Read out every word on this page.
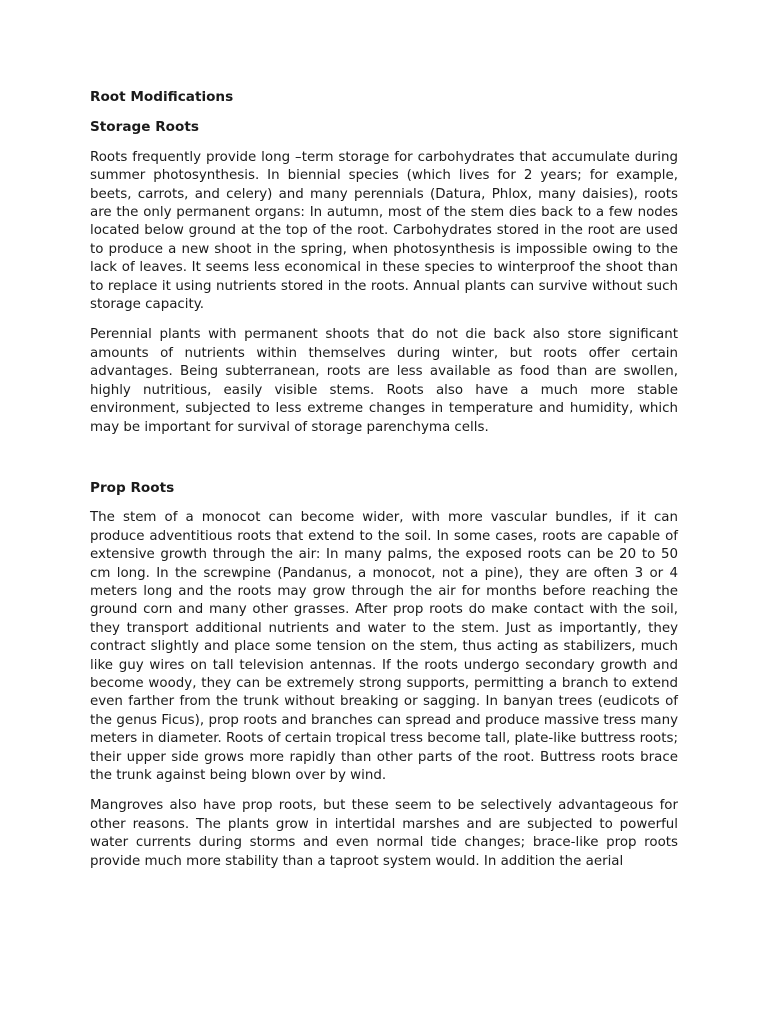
Root Modifications

Storage Roots

Roots frequently provide long –term storage for carbohydrates that accumulate during summer photosynthesis. In biennial species (which lives for 2 years; for example, beets, carrots, and celery) and many perennials (Datura, Phlox, many daisies), roots are the only permanent organs: In autumn, most of the stem dies back to a few nodes located below ground at the top of the root. Carbohydrates stored in the root are used to produce a new shoot in the spring, when photosynthesis is impossible owing to the lack of leaves. It seems less economical in these species to winterproof the shoot than to replace it using nutrients stored in the roots. Annual plants can survive without such storage capacity.

Perennial plants with permanent shoots that do not die back also store significant amounts of nutrients within themselves during winter, but roots offer certain advantages. Being subterranean, roots are less available as food than are swollen, highly nutritious, easily visible stems. Roots also have a much more stable environment, subjected to less extreme changes in temperature and humidity, which may be important for survival of storage parenchyma cells.

Prop Roots

The stem of a monocot can become wider, with more vascular bundles, if it can produce adventitious roots that extend to the soil. In some cases, roots are capable of extensive growth through the air: In many palms, the exposed roots can be 20 to 50 cm long. In the screwpine (Pandanus, a monocot, not a pine), they are often 3 or 4 meters long and the roots may grow through the air for months before reaching the ground corn and many other grasses. After prop roots do make contact with the soil, they transport additional nutrients and water to the stem. Just as importantly, they contract slightly and place some tension on the stem, thus acting as stabilizers, much like guy wires on tall television antennas. If the roots undergo secondary growth and become woody, they can be extremely strong supports, permitting a branch to extend even farther from the trunk without breaking or sagging. In banyan trees (eudicots of the genus Ficus), prop roots and branches can spread and produce massive tress many meters in diameter. Roots of certain tropical tress become tall, plate-like buttress roots; their upper side grows more rapidly than other parts of the root. Buttress roots brace the trunk against being blown over by wind.

Mangroves also have prop roots, but these seem to be selectively advantageous for other reasons. The plants grow in intertidal marshes and are subjected to powerful water currents during storms and even normal tide changes; brace-like prop roots provide much more stability than a taproot system would. In addition the aerial
